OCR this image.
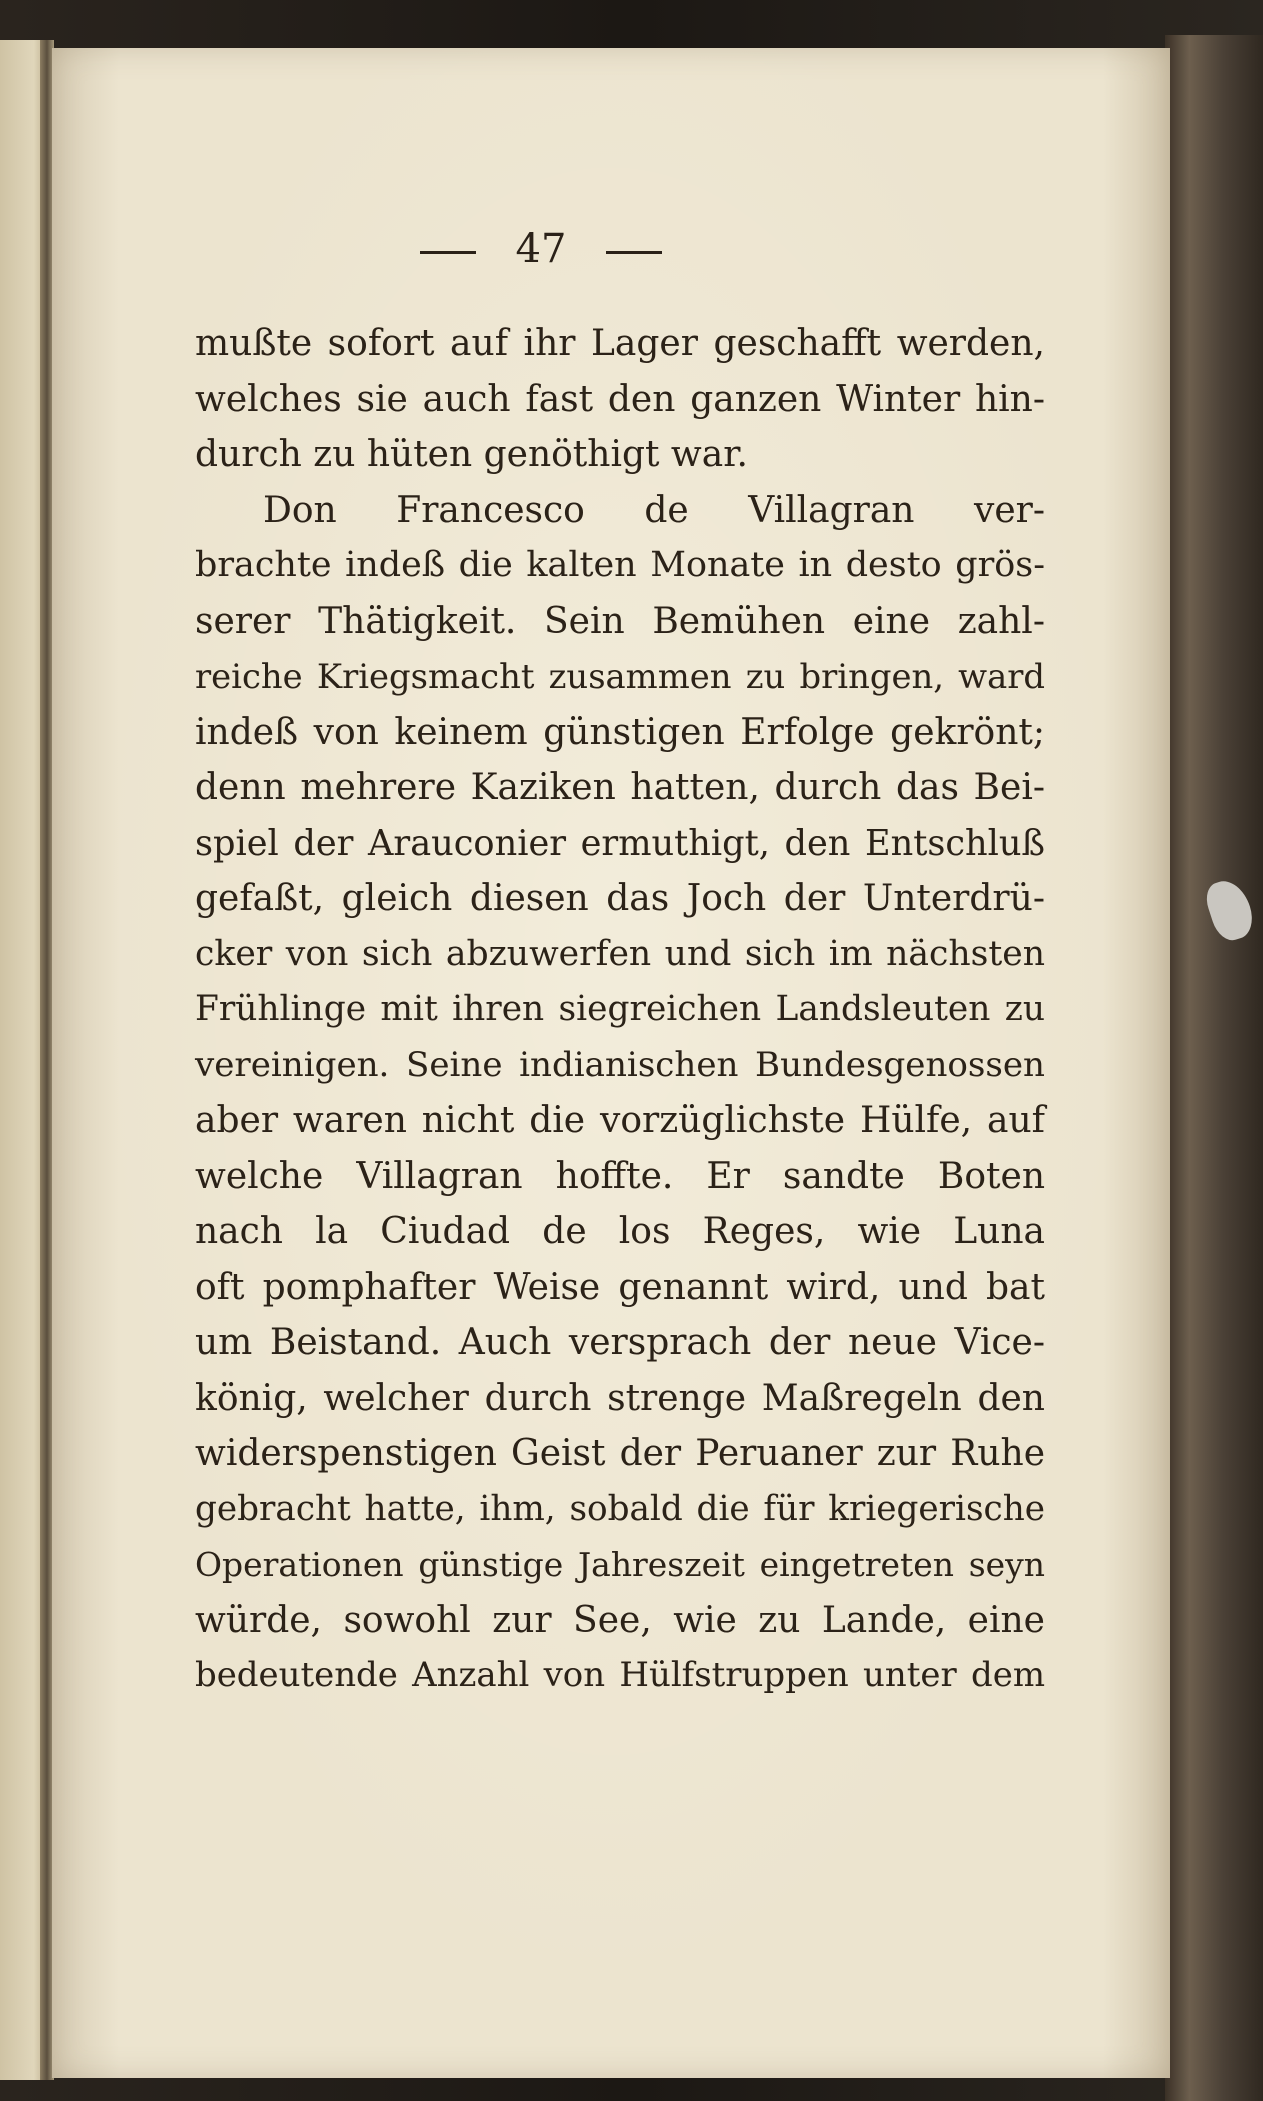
47
mußte sofort auf ihr Lager geschafft werden,
welches sie auch fast den ganzen Winter hin-
durch zu hüten genöthigt war.
Don Francesco de Villagran ver-
brachte indeß die kalten Monate in desto grös-
serer Thätigkeit. Sein Bemühen eine zahl-
reiche Kriegsmacht zusammen zu bringen, ward
indeß von keinem günstigen Erfolge gekrönt;
denn mehrere Kaziken hatten, durch das Bei-
spiel der Arauconier ermuthigt, den Entschluß
gefaßt, gleich diesen das Joch der Unterdrü-
cker von sich abzuwerfen und sich im nächsten
Frühlinge mit ihren siegreichen Landsleuten zu
vereinigen. Seine indianischen Bundesgenossen
aber waren nicht die vorzüglichste Hülfe, auf
welche Villagran hoffte. Er sandte Boten
nach la Ciudad de los Reges, wie Luna
oft pomphafter Weise genannt wird, und bat
um Beistand. Auch versprach der neue Vice-
könig, welcher durch strenge Maßregeln den
widerspenstigen Geist der Peruaner zur Ruhe
gebracht hatte, ihm, sobald die für kriegerische
Operationen günstige Jahreszeit eingetreten seyn
würde, sowohl zur See, wie zu Lande, eine
bedeutende Anzahl von Hülfstruppen unter dem
